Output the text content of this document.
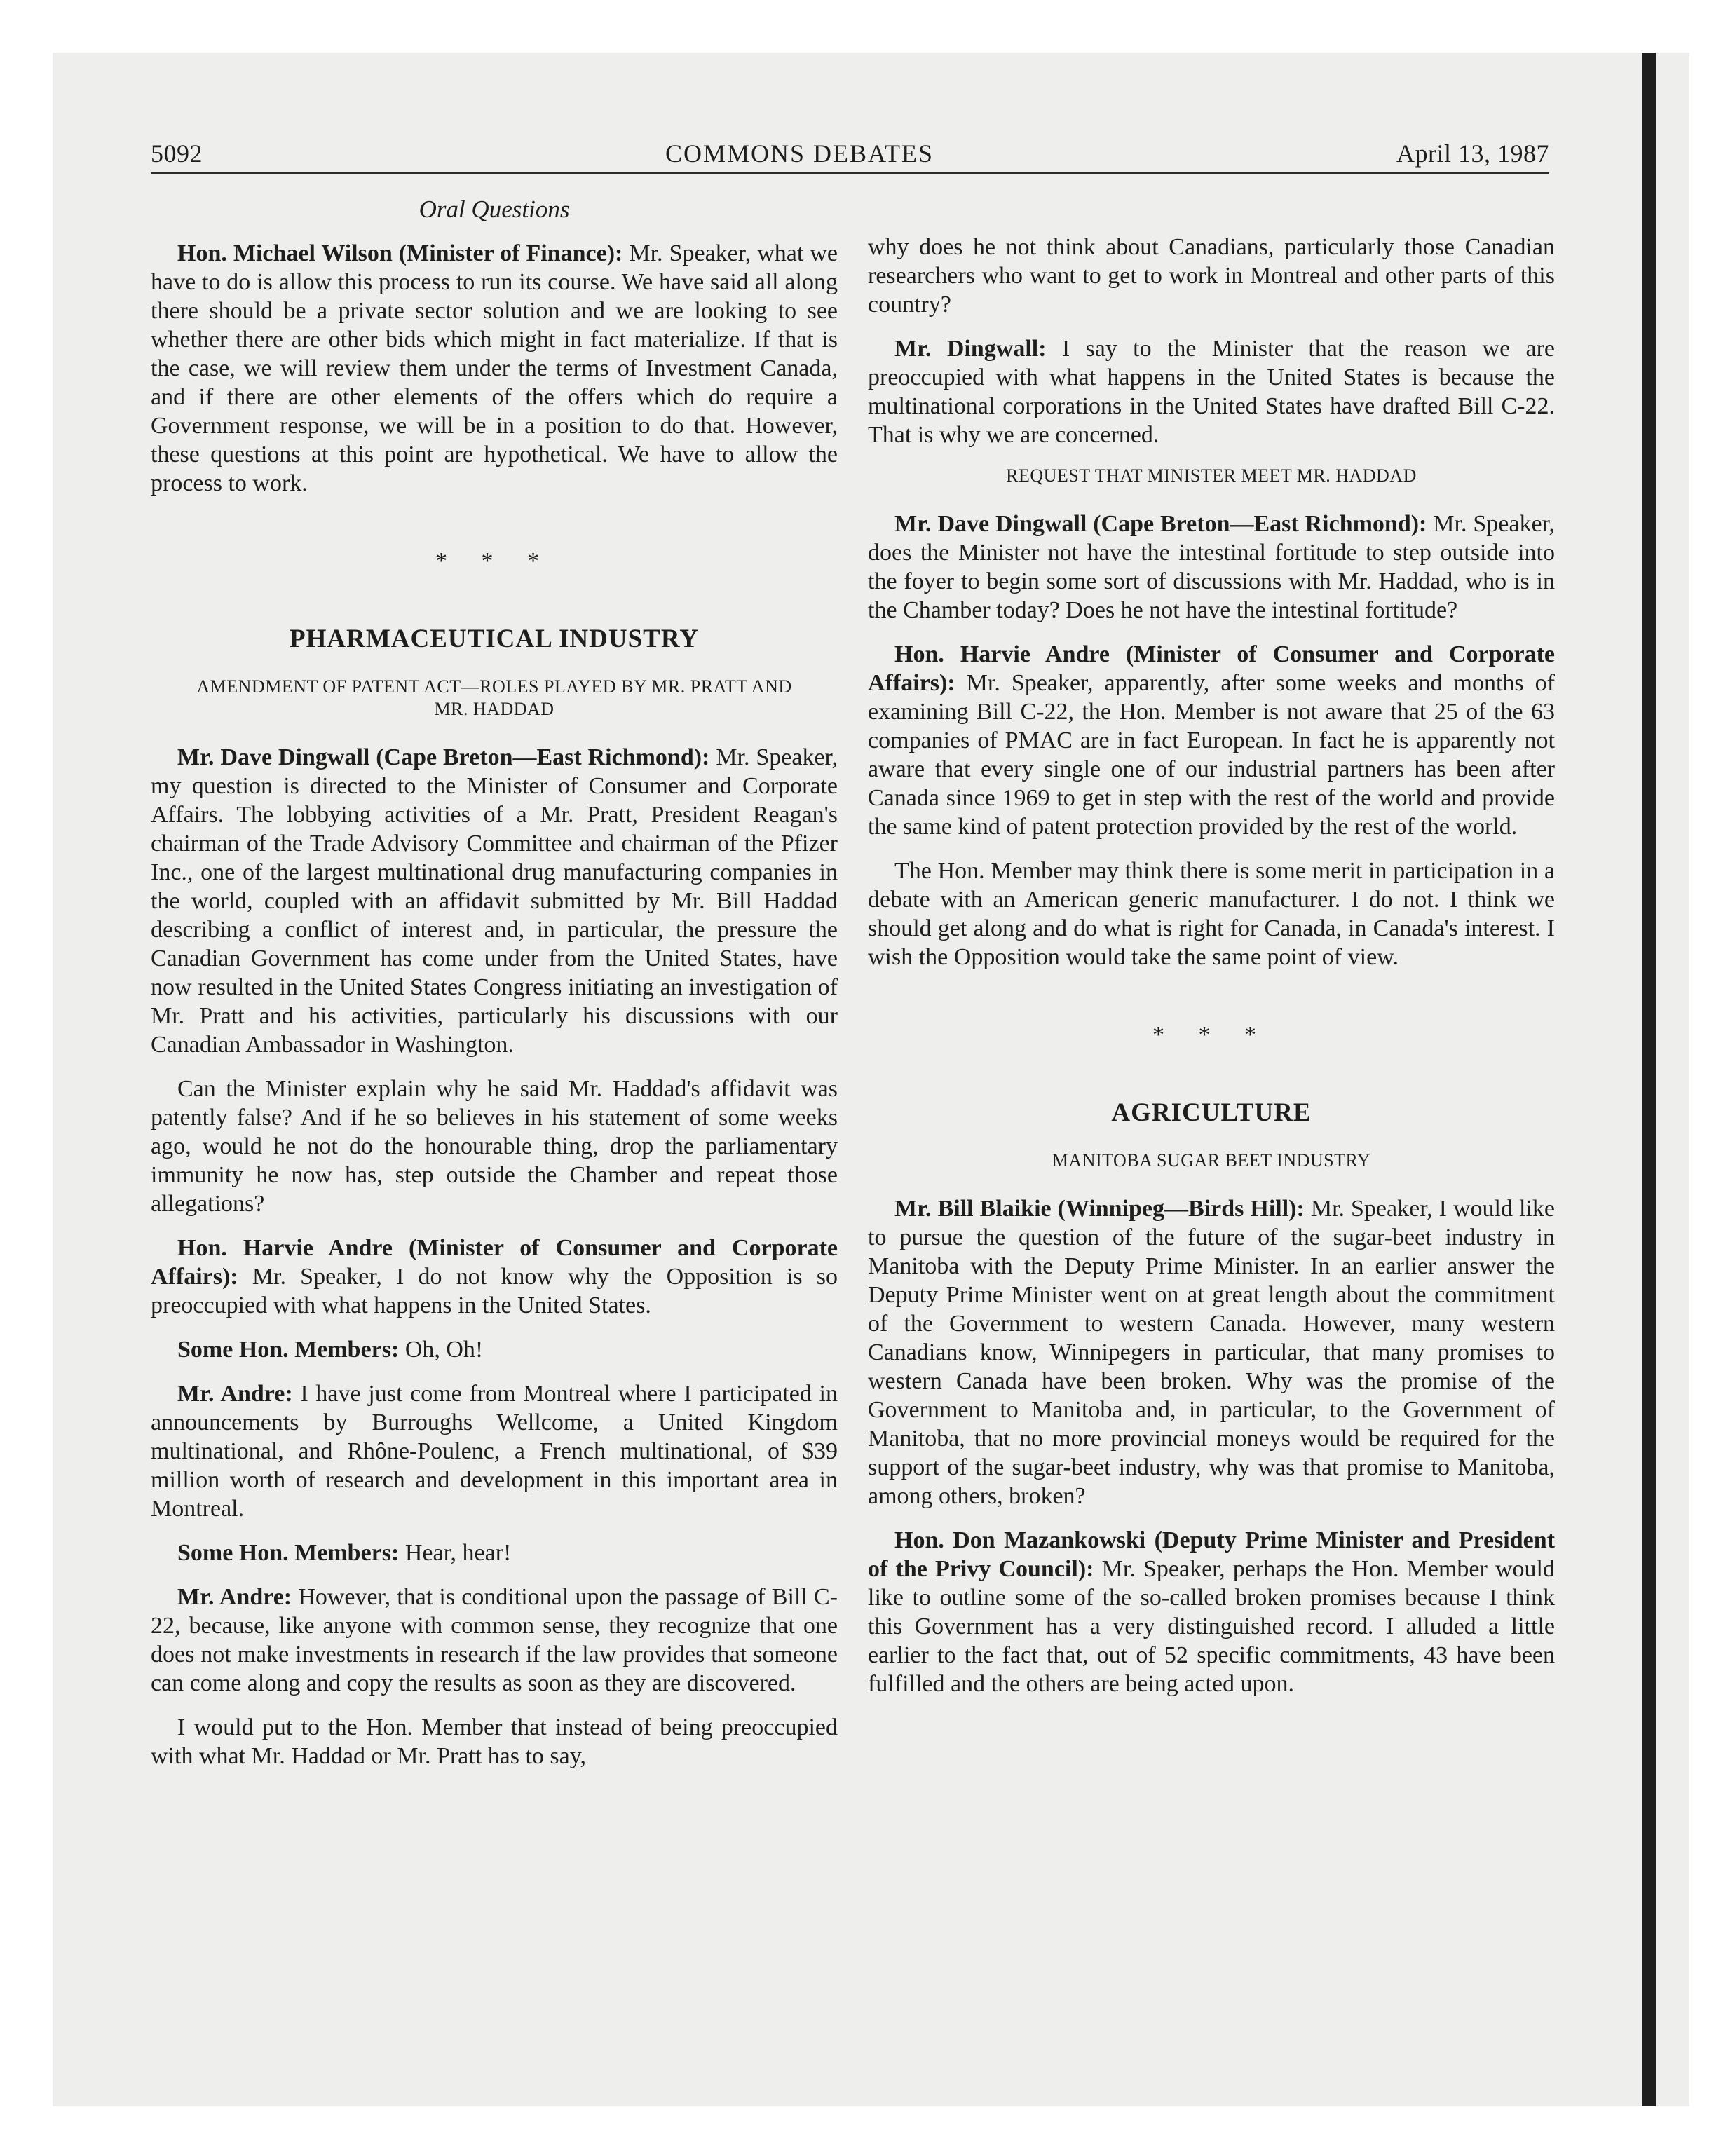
5092	COMMONS DEBATES	April 13, 1987
Oral Questions

Hon. Michael Wilson (Minister of Finance): Mr. Speaker, what we have to do is allow this process to run its course. We have said all along there should be a private sector solution and we are looking to see whether there are other bids which might in fact materialize. If that is the case, we will review them under the terms of Investment Canada, and if there are other elements of the offers which do require a Government response, we will be in a position to do that. However, these questions at this point are hypothetical. We have to allow the process to work.

* * *
PHARMACEUTICAL INDUSTRY
AMENDMENT OF PATENT ACT—ROLES PLAYED BY MR. PRATT AND MR. HADDAD

Mr. Dave Dingwall (Cape Breton—East Richmond): Mr. Speaker, my question is directed to the Minister of Consumer and Corporate Affairs. The lobbying activities of a Mr. Pratt, President Reagan's chairman of the Trade Advisory Committee and chairman of the Pfizer Inc., one of the largest multinational drug manufacturing companies in the world, coupled with an affidavit submitted by Mr. Bill Haddad describing a conflict of interest and, in particular, the pressure the Canadian Government has come under from the United States, have now resulted in the United States Congress initiating an investigation of Mr. Pratt and his activities, particularly his discussions with our Canadian Ambassador in Washington.

Can the Minister explain why he said Mr. Haddad's affidavit was patently false? And if he so believes in his statement of some weeks ago, would he not do the honourable thing, drop the parliamentary immunity he now has, step outside the Chamber and repeat those allegations?

Hon. Harvie Andre (Minister of Consumer and Corporate Affairs): Mr. Speaker, I do not know why the Opposition is so preoccupied with what happens in the United States.

Some Hon. Members: Oh, Oh!

Mr. Andre: I have just come from Montreal where I participated in announcements by Burroughs Wellcome, a United Kingdom multinational, and Rhône-Poulenc, a French multinational, of $39 million worth of research and development in this important area in Montreal.

Some Hon. Members: Hear, hear!

Mr. Andre: However, that is conditional upon the passage of Bill C-22, because, like anyone with common sense, they recognize that one does not make investments in research if the law provides that someone can come along and copy the results as soon as they are discovered.

I would put to the Hon. Member that instead of being preoccupied with what Mr. Haddad or Mr. Pratt has to say,

why does he not think about Canadians, particularly those Canadian researchers who want to get to work in Montreal and other parts of this country?

Mr. Dingwall: I say to the Minister that the reason we are preoccupied with what happens in the United States is because the multinational corporations in the United States have drafted Bill C-22. That is why we are concerned.

REQUEST THAT MINISTER MEET MR. HADDAD

Mr. Dave Dingwall (Cape Breton—East Richmond): Mr. Speaker, does the Minister not have the intestinal fortitude to step outside into the foyer to begin some sort of discussions with Mr. Haddad, who is in the Chamber today? Does he not have the intestinal fortitude?

Hon. Harvie Andre (Minister of Consumer and Corporate Affairs): Mr. Speaker, apparently, after some weeks and months of examining Bill C-22, the Hon. Member is not aware that 25 of the 63 companies of PMAC are in fact European. In fact he is apparently not aware that every single one of our industrial partners has been after Canada since 1969 to get in step with the rest of the world and provide the same kind of patent protection provided by the rest of the world.

The Hon. Member may think there is some merit in participation in a debate with an American generic manufacturer. I do not. I think we should get along and do what is right for Canada, in Canada's interest. I wish the Opposition would take the same point of view.

* * *
AGRICULTURE
MANITOBA SUGAR BEET INDUSTRY

Mr. Bill Blaikie (Winnipeg—Birds Hill): Mr. Speaker, I would like to pursue the question of the future of the sugar-beet industry in Manitoba with the Deputy Prime Minister. In an earlier answer the Deputy Prime Minister went on at great length about the commitment of the Government to western Canada. However, many western Canadians know, Winnipegers in particular, that many promises to western Canada have been broken. Why was the promise of the Government to Manitoba and, in particular, to the Government of Manitoba, that no more provincial moneys would be required for the support of the sugar-beet industry, why was that promise to Manitoba, among others, broken?

Hon. Don Mazankowski (Deputy Prime Minister and President of the Privy Council): Mr. Speaker, perhaps the Hon. Member would like to outline some of the so-called broken promises because I think this Government has a very distinguished record. I alluded a little earlier to the fact that, out of 52 specific commitments, 43 have been fulfilled and the others are being acted upon.
